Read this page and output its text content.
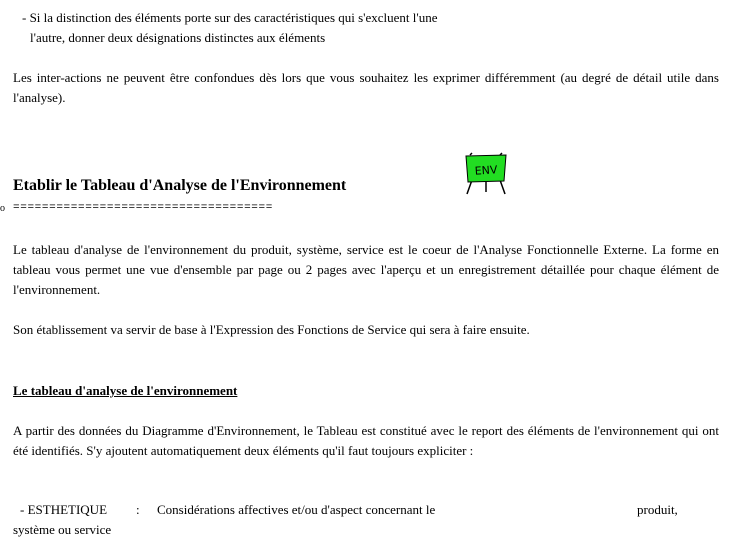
- Si la distinction des éléments porte sur des caractéristiques qui s'excluent l'une
l'autre, donner deux désignations distinctes aux éléments
Les inter-actions ne peuvent être confondues dès lors que vous souhaitez les exprimer différemment (au degré de détail utile dans l'analyse).
Etablir le Tableau d'Analyse de l'Environnement
ENV
o ====================================
Le tableau d'analyse de l'environnement du produit, système, service est le coeur de l'Analyse Fonctionnelle Externe. La forme en tableau vous permet une vue d'ensemble par page ou 2 pages avec l'aperçu et un enregistrement détaillée pour chaque élément de l'environnement.
Son établissement va servir de base à l'Expression des Fonctions de Service qui sera à faire ensuite.
Le tableau d'analyse de l'environnement
A partir des données du Diagramme d'Environnement, le Tableau est constitué avec le report des éléments de l'environnement qui ont été identifiés. S'y ajoutent automatiquement deux éléments qu'il faut toujours expliciter :
- ESTHETIQUE : Considérations affectives et/ou d'aspect concernant le	produit,
système ou service
